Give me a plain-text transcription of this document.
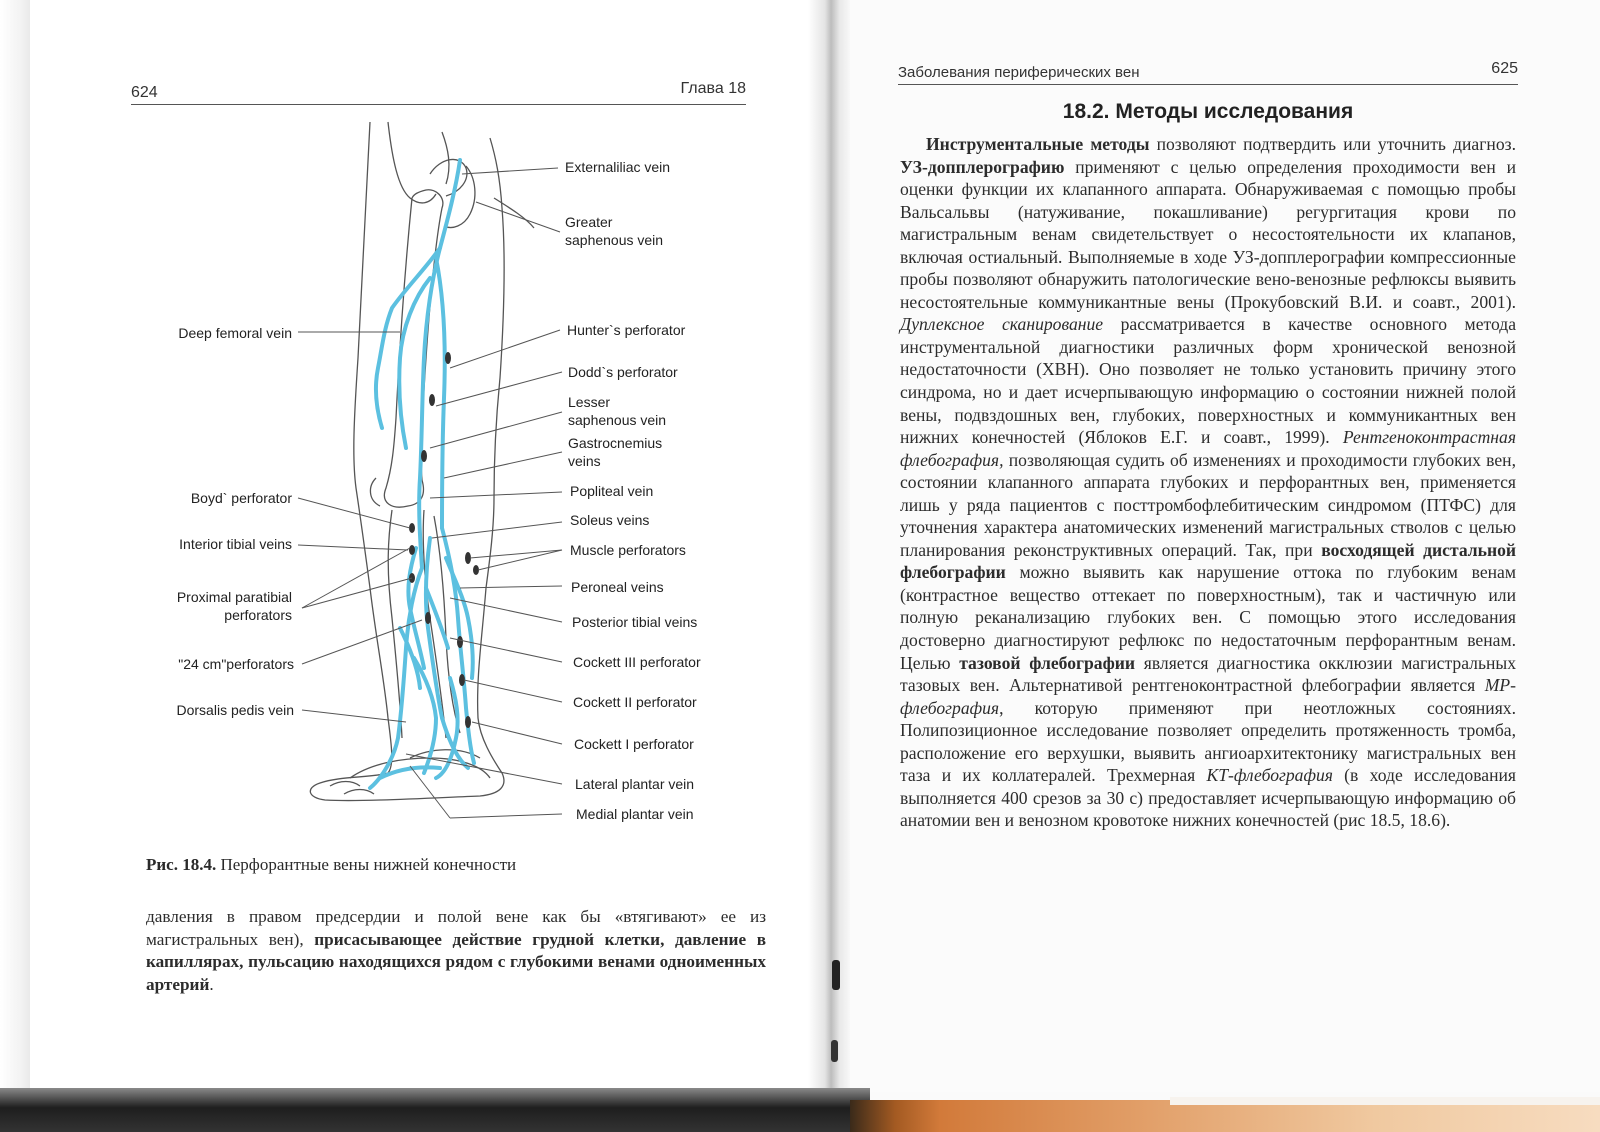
624	Глава 18
Заболевания периферических вен	625
Externaliliac vein
Greater
saphenous vein
Hunter`s perforator
Dodd`s perforator
Lesser
saphenous vein
Gastrocnemius
veins
Popliteal vein
Soleus veins
Muscle perforators
Peroneal veins
Posterior tibial veins
Cockett III perforator
Cockett II perforator
Cockett I perforator
Lateral plantar vein
Medial plantar vein
Deep femoral vein
Boyd` perforator
Interior tibial veins
Proximal paratibial
perforators
"24 cm"perforators
Dorsalis pedis vein
Рис. 18.4. Перфорантные вены нижней конечности
давления в правом предсердии и полой вене как бы «втягивают» ее из магистральных вен), присасывающее действие грудной клетки, давление в капиллярах, пульсацию находящихся рядом с глубокими венами одноименных артерий.
18.2. Методы исследования
Инструментальные методы позволяют подтвердить или уточнить диагноз. УЗ-допплерографию применяют с целью определения проходимости вен и оценки функции их клапанного аппарата. Обнаруживаемая с помощью пробы Вальсальвы (натуживание, покашливание) регургитация крови по магистральным венам свидетельствует о несостоятельности их клапанов, включая остиальный. Выполняемые в ходе УЗ-допплерографии компрессионные пробы позволяют обнаружить патологические вено-венозные рефлюксы выявить несостоятельные коммуникантные вены (Прокубовский В.И. и соавт., 2001). Дуплексное сканирование рассматривается в качестве основного метода инструментальной диагностики различных форм хронической венозной недостаточности (ХВН). Оно позволяет не только установить причину этого синдрома, но и дает исчерпывающую информацию о состоянии нижней полой вены, подвздошных вен, глубоких, поверхностных и коммуникантных вен нижних конечностей (Яблоков Е.Г. и соавт., 1999). Рентгеноконтрастная флебография, позволяющая судить об изменениях и проходимости глубоких вен, состоянии клапанного аппарата глубоких и перфорантных вен, применяется лишь у ряда пациентов с посттромбофлебитическим синдромом (ПТФС) для уточнения характера анатомических изменений магистральных стволов с целью планирования реконструктивных операций. Так, при восходящей дистальной флебографии можно выявить как нарушение оттока по глубоким венам (контрастное вещество оттекает по поверхностным), так и частичную или полную реканализацию глубоких вен. С помощью этого исследования достоверно диагностируют рефлюкс по недостаточным перфорантным венам. Целью тазовой флебографии является диагностика окклюзии магистральных тазовых вен. Альтернативой рентгеноконтрастной флебографии является МР-флебография, которую применяют при неотложных состояниях. Полипозиционное исследование позволяет определить протяженность тромба, расположение его верхушки, выявить ангиоархитектонику магистральных вен таза и их коллатералей. Трехмерная КТ-флебография (в ходе исследования выполняется 400 срезов за 30 с) предоставляет исчерпывающую информацию об анатомии вен и венозном кровотоке нижних конечностей (рис 18.5, 18.6).
